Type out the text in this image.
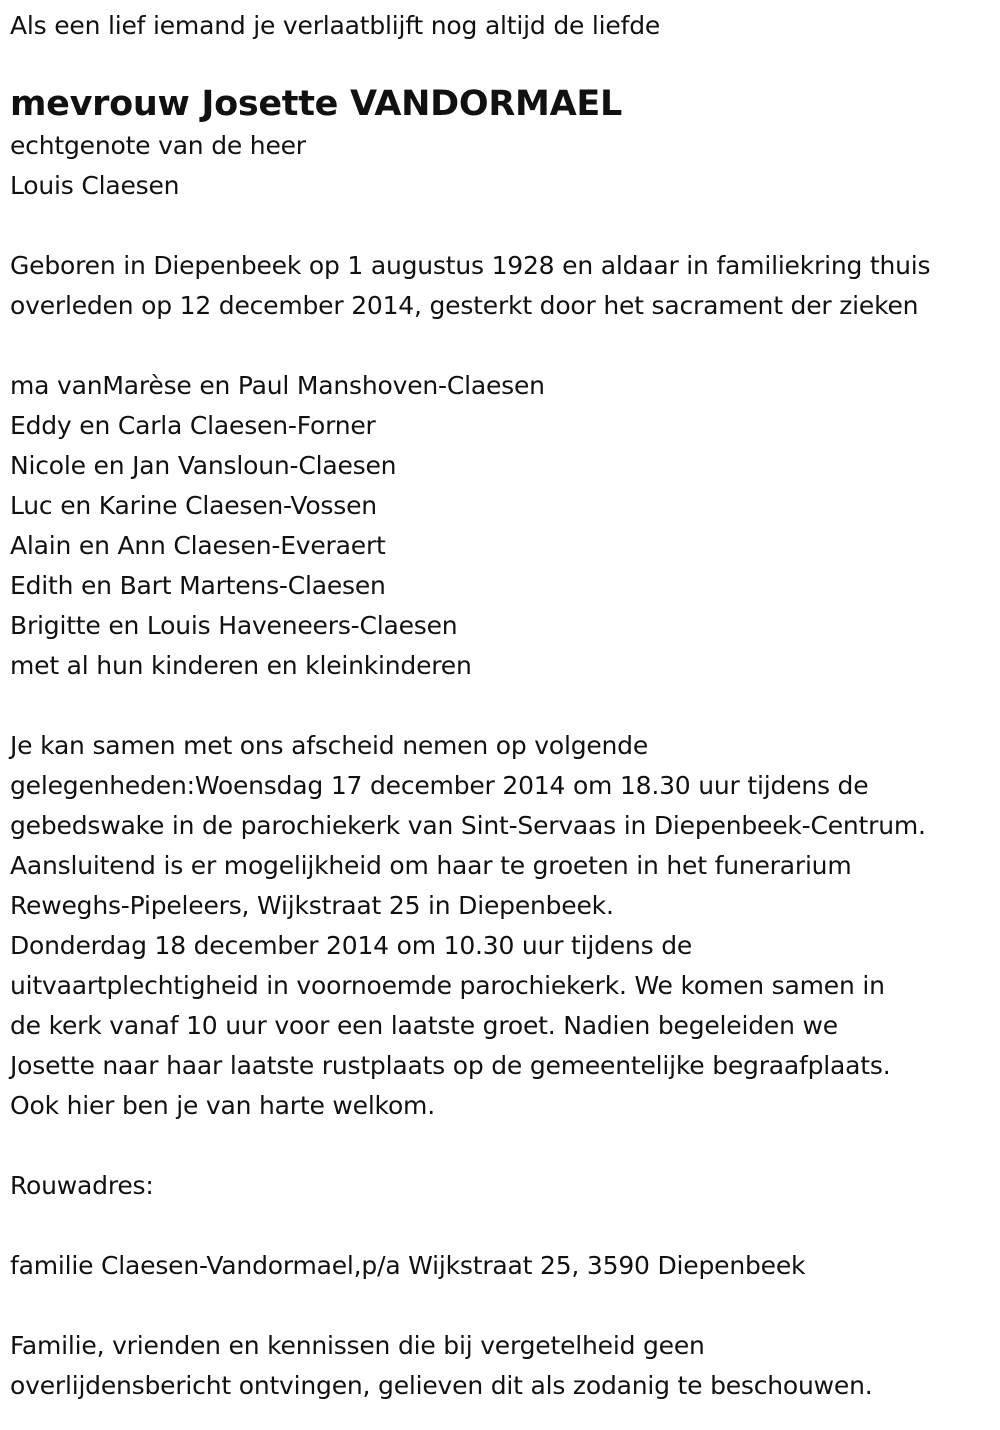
Als een lief iemand je verlaatblijft nog altijd de liefde
mevrouw Josette VANDORMAEL
echtgenote van de heer
Louis Claesen
Geboren in Diepenbeek op 1 augustus 1928 en aldaar in familiekring thuis
overleden op 12 december 2014, gesterkt door het sacrament der zieken
ma vanMarèse en Paul Manshoven-Claesen
Eddy en Carla Claesen-Forner
Nicole en Jan Vansloun-Claesen
Luc en Karine Claesen-Vossen
Alain en Ann Claesen-Everaert
Edith en Bart Martens-Claesen
Brigitte en Louis Haveneers-Claesen
met al hun kinderen en kleinkinderen
Je kan samen met ons afscheid nemen op volgende
gelegenheden:Woensdag 17 december 2014 om 18.30 uur tijdens de
gebedswake in de parochiekerk van Sint-Servaas in Diepenbeek-Centrum.
Aansluitend is er mogelijkheid om haar te groeten in het funerarium
Reweghs-Pipeleers, Wijkstraat 25 in Diepenbeek.
Donderdag 18 december 2014 om 10.30 uur tijdens de
uitvaartplechtigheid in voornoemde parochiekerk. We komen samen in
de kerk vanaf 10 uur voor een laatste groet. Nadien begeleiden we
Josette naar haar laatste rustplaats op de gemeentelijke begraafplaats.
Ook hier ben je van harte welkom.
Rouwadres:
familie Claesen-Vandormael,p/a Wijkstraat 25, 3590 Diepenbeek
Familie, vrienden en kennissen die bij vergetelheid geen
overlijdensbericht ontvingen, gelieven dit als zodanig te beschouwen.
